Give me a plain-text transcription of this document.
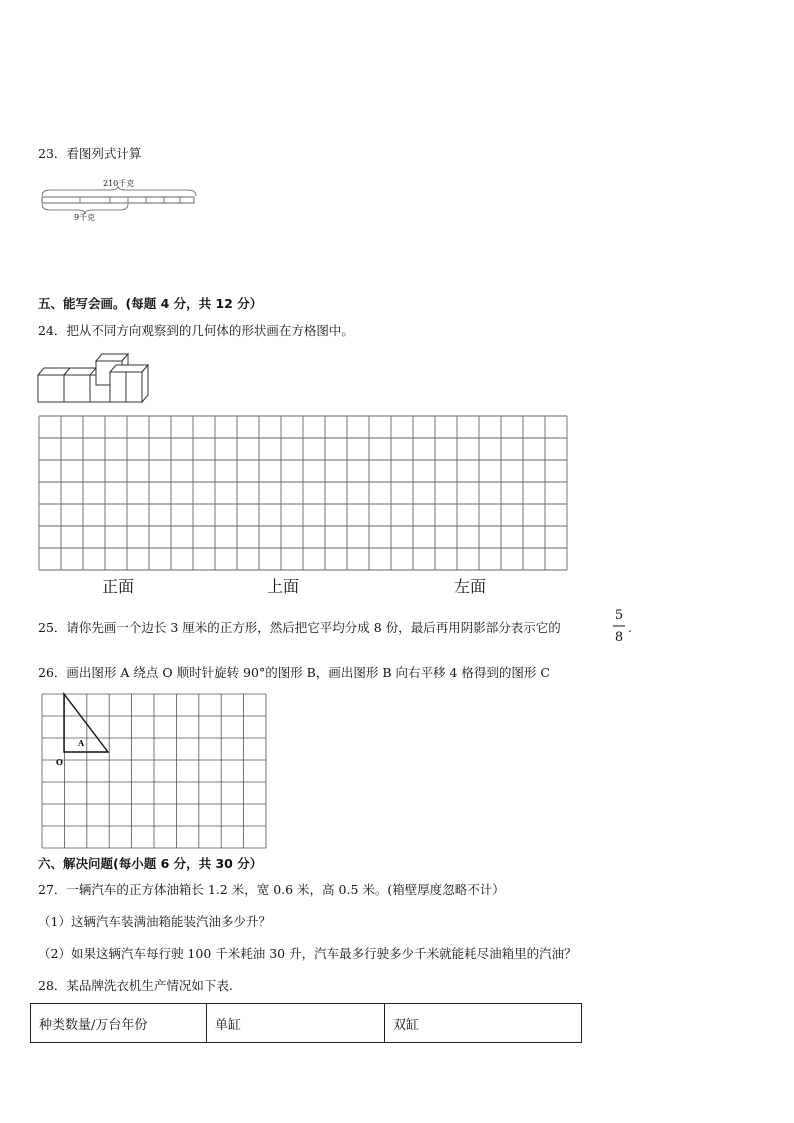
23．看图列式计算
210千克
9千克
五、能写会画。(每题 4 分，共 12 分）
24．把从不同方向观察到的几何体的形状画在方格图中。
正面	上面	左面
25．请你先画一个边长 3 厘米的正方形，然后把它平均分成 8 份，最后再用阴影部分表示它的
5
8
.
26．画出图形 A 绕点 O 顺时针旋转 90°的图形 B，画出图形 B 向右平移 4 格得到的图形 C
A
O
六、解决问题(每小题 6 分，共 30 分）
27．一辆汽车的正方体油箱长 1.2 米，宽 0.6 米，高 0.5 米。(箱壁厚度忽略不计）
（1）这辆汽车装满油箱能装汽油多少升？
（2）如果这辆汽车每行驶 100 千米耗油 30 升，汽车最多行驶多少千米就能耗尽油箱里的汽油？
28．某品牌洗衣机生产情况如下表.
种类数量/万台年份	单缸	双缸
